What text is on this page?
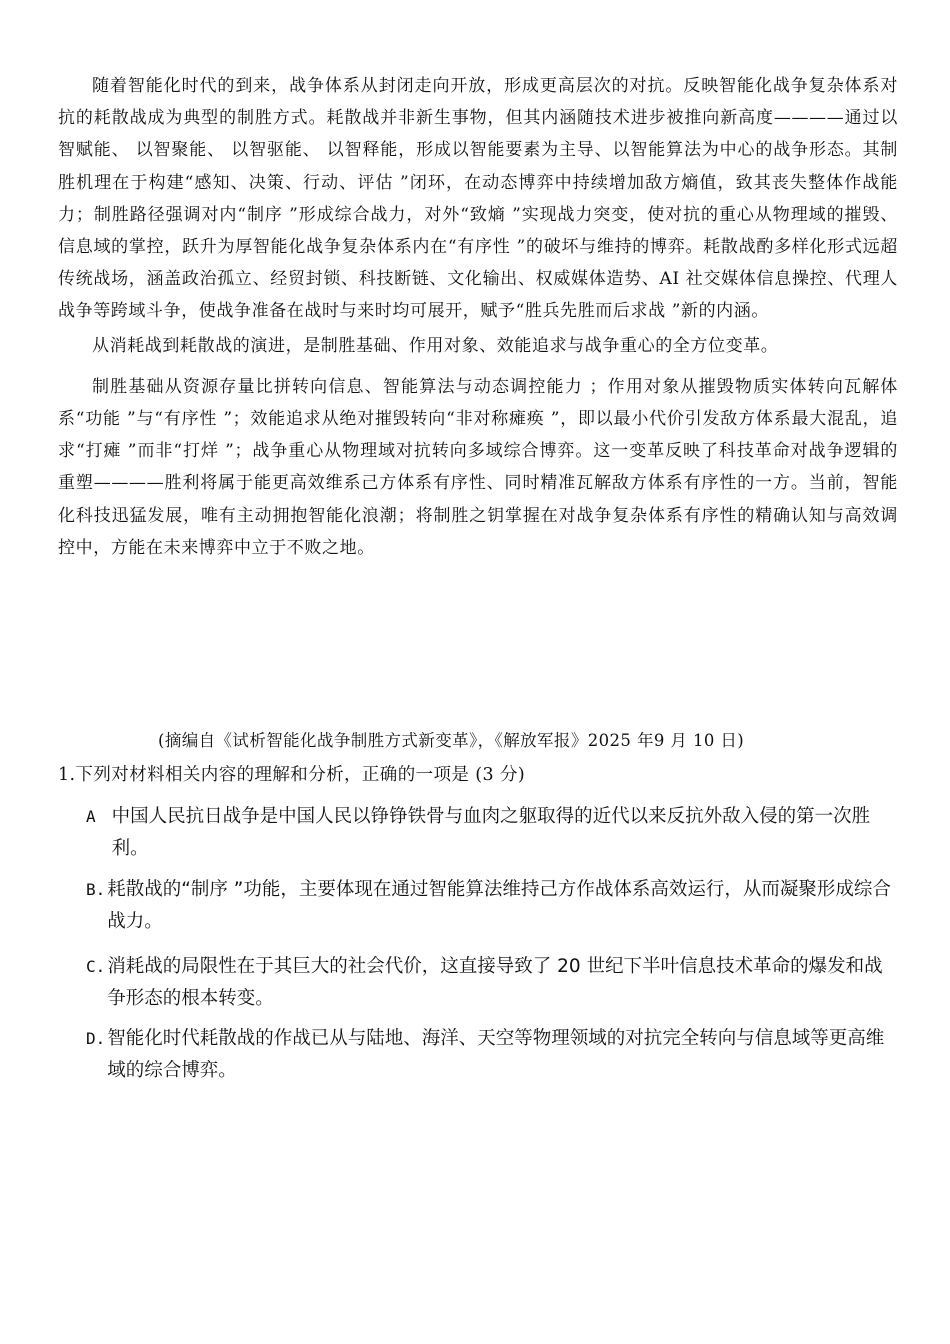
随着智能化时代的到来，战争体系从封闭走向开放，形成更高层次的对抗。反映智能化战争复杂体系对抗的耗散战成为典型的制胜方式。耗散战并非新生事物，但其内涵随技术进步被推向新高度————通过以智赋能、 以智聚能、 以智驱能、 以智释能，形成以智能要素为主导、以智能算法为中心的战争形态。其制胜机理在于构建“感知、决策、行动、评估 ”闭环，在动态博弈中持续增加敌方熵值，致其丧失整体作战能力；制胜路径强调对内“制序 ”形成综合战力，对外“致熵 ”实现战力突变，使对抗的重心从物理域的摧毁、信息域的掌控，跃升为厚智能化战争复杂体系内在“有序性 ”的破坏与维持的博弈。耗散战酌多样化形式远超传统战场，涵盖政治孤立、经贸封锁、科技断链、文化输出、权威媒体造势、AI 社交媒体信息操控、代理人战争等跨域斗争，使战争准备在战时与来时均可展开，赋予“胜兵先胜而后求战 ”新的内涵。

从消耗战到耗散战的演进，是制胜基础、作用对象、效能追求与战争重心的全方位变革。

制胜基础从资源存量比拼转向信息、智能算法与动态调控能力 ；作用对象从摧毁物质实体转向瓦解体系“功能 ”与“有序性 ”；效能追求从绝对摧毁转向“非对称瘫痪 ”，即以最小代价引发敌方体系最大混乱，追求“打瘫 ”而非“打烊 ”；战争重心从物理域对抗转向多域综合博弈。这一变革反映了科技革命对战争逻辑的重塑————胜利将属于能更高效维系己方体系有序性、同时精准瓦解敌方体系有序性的一方。当前，智能化科技迅猛发展，唯有主动拥抱智能化浪潮；将制胜之钥掌握在对战争复杂体系有序性的精确认知与高效调控中，方能在未来博弈中立于不败之地。

(摘编自《试析智能化战争制胜方式新变革》，《解放军报》2025 年9 月 10 日)
1.下列对材料相关内容的理解和分析，正确的一项是 (3 分)
A 中国人民抗日战争是中国人民以铮铮铁骨与血肉之躯取得的近代以来反抗外敌入侵的第一次胜利。
B. 耗散战的“制序 ”功能，主要体现在通过智能算法维持己方作战体系高效运行，从而凝聚形成综合战力。
C. 消耗战的局限性在于其巨大的社会代价，这直接导致了 20 世纪下半叶信息技术革命的爆发和战争形态的根本转变。
D. 智能化时代耗散战的作战已从与陆地、海洋、天空等物理领域的对抗完全转向与信息域等更高维域的综合博弈。
